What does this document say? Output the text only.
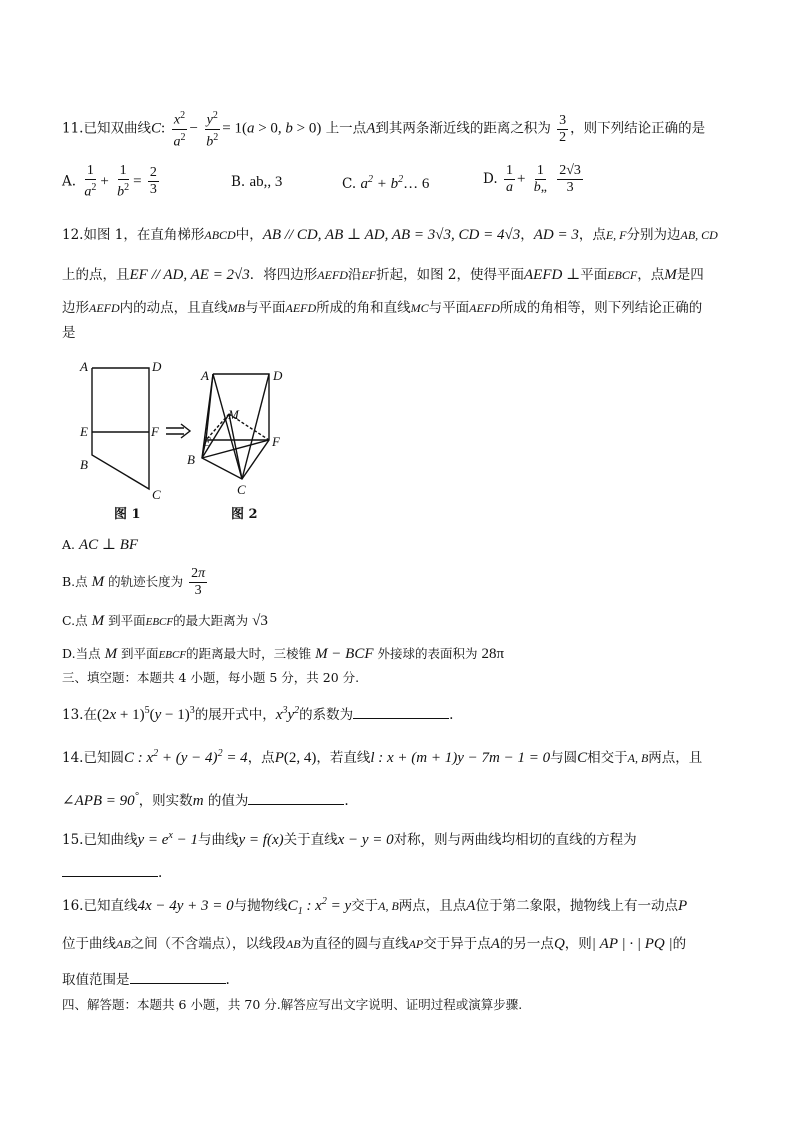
11.已知双曲线C: $\frac{x^2}{a^2} - \frac{y^2}{b^2} = 1(a > 0$, b > 0) 上一点A到其两条渐近线的距离之积为 $\frac{3}{2}$ ，则下列结论正确的是
A. $\frac{1}{a^2} + \frac{1}{b^2} = \frac{2}{3}$	B. ab,, 3	C. $a^2$ + $b^2\dots$ 6	D. $\frac{1}{a} + \frac{1}{b„}$
$\frac{2√3}{3}$
12.如图 1，在直角梯形ABCD中，AB // CD, AB ⊥ AD, AB = 3√3, CD = 4√3，AD = 3，点E, F分别为边AB, CD
上的点，且EF // AD, AE = 2√3．将四边形AEFD沿EF折起，如图 2，使得平面AEFD ⊥平面EBCF，点M是四
边形AEFD内的动点，且直线MB与平面AEFD所成的角和直线MC与平面AEFD所成的角相等，则下列结论正确的
是
A	D
E	F
B
C
A	D
M
E	F
B
C
图 1	图 2
A. AC ⊥ BF
B.点 M 的轨迹长度为 $\frac{2\pi}{3}$
C.点 M 到平面EBCF的最大距离为 √3
D.当点 M 到平面EBCF的距离最大时，三棱锥 M − BCF 外接球的表面积为 28π
三、填空题：本题共 4 小题，每小题 5 分，共 20 分.
13.在$(2x + 1)^5(y - 1)^3$的展开式中，$x^3y^2$的系数为	.
14.已知圆C : $x^2 + (y - 4)^2 = 4$，点P(2, 4)，若直线l : x + (m + 1)y − 7m − 1 = 0与圆C相交于A, B两点，且
∠APB = 90°，则实数m 的值为	.
15.已知曲线$y = e^x - 1$与曲线y = f(x)关于直线x − y = 0对称，则与两曲线均相切的直线的方程为
.
16.已知直线4x − 4y + 3 = 0与抛物线$C_1$ : $x^2 = y$交于A, B两点，且点A位于第二象限，抛物线上有一动点P
位于曲线AB之间（不含端点），以线段AB为直径的圆与直线AP交于异于点A的另一点Q，则| AP | · | PQ |的
取值范围是	.
四、解答题：本题共 6 小题，共 70 分.解答应写出文字说明、证明过程或演算步骤.
